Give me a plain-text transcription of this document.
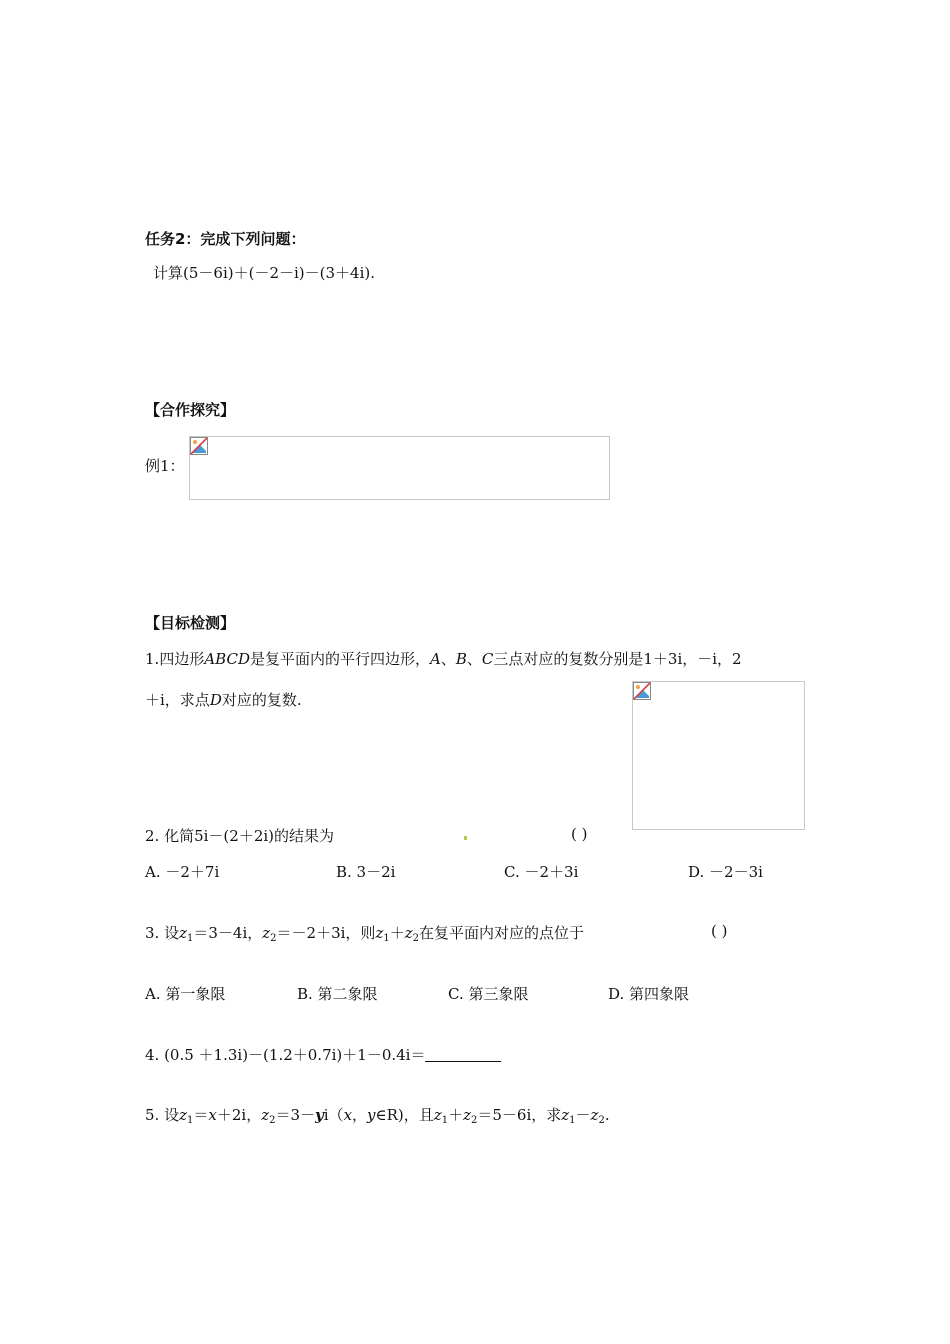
任务2：完成下列问题：
计算(5－6i)＋(－2－i)－(3＋4i).
【合作探究】
例1：
【目标检测】
1.四边形ABCD是复平面内的平行四边形，A、B、C三点对应的复数分别是1＋3i，－i，2
＋i，求点D对应的复数.
2. 化简5i－(2＋2i)的结果为	( )
A. －2＋7i	B. 3－2i	C. －2＋3i	D. －2－3i
3. 设$z_1=3-4i$，$z_2=-2+3i$，则$z_1+z_2$在复平面内对应的点位于	( )
A. 第一象限	B. 第二象限	C. 第三象限	D. 第四象限
4. (0.5 ＋1.3i)－(1.2＋0.7i)＋1－0.4i＝
5. 设$z_1=x+2i$，$z_2=3-yi(x$，y∈R)，且$z_1+z_2=5-6i$，求$z_1-z_2$.
